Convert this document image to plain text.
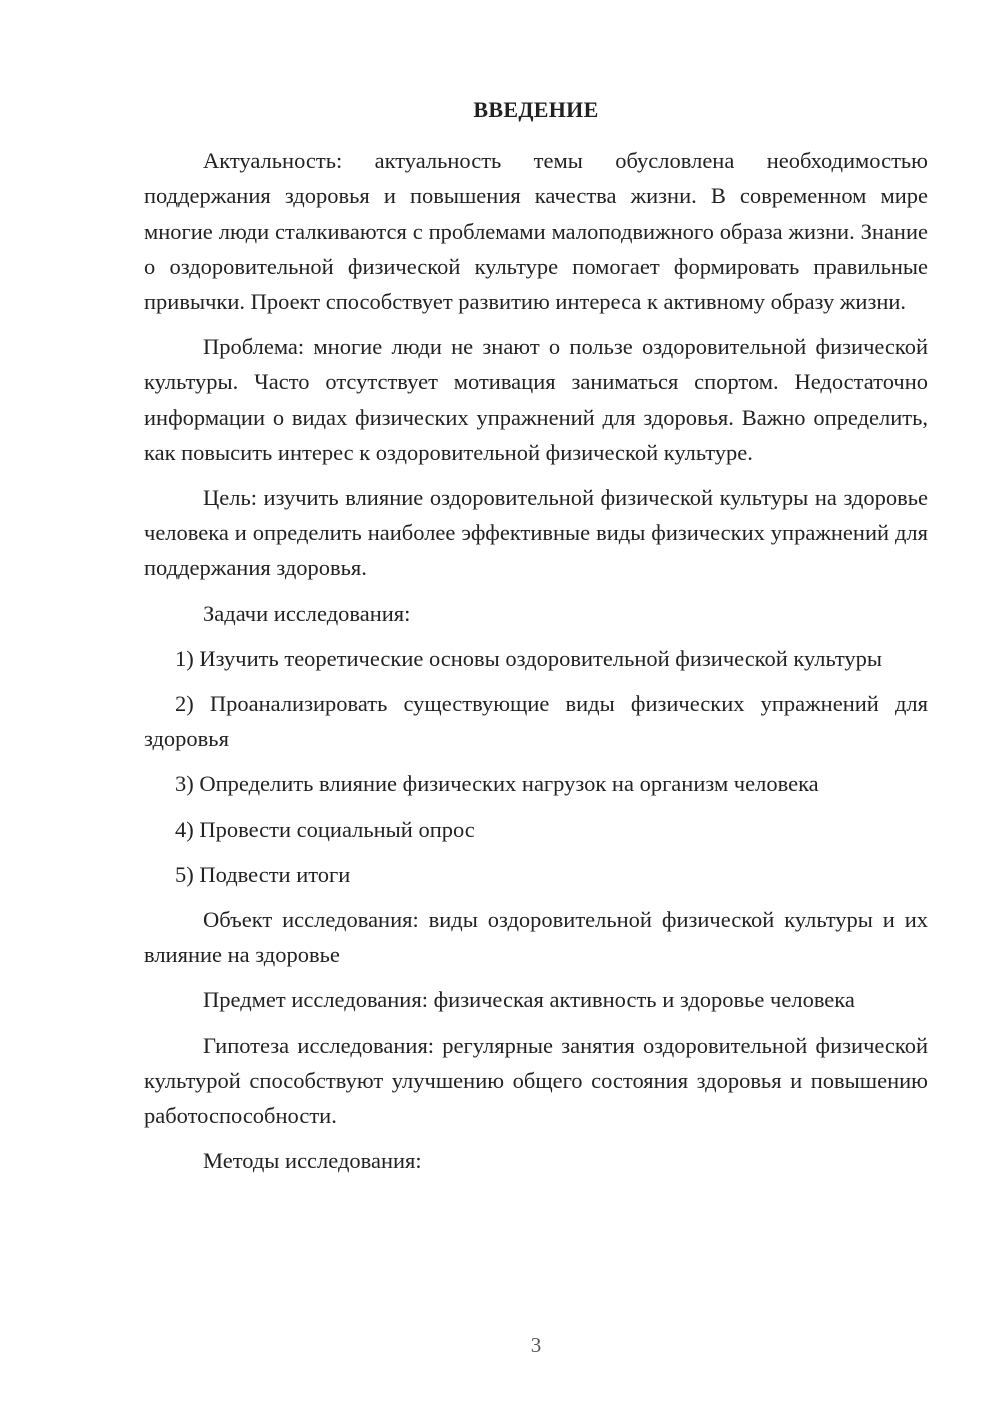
ВВЕДЕНИЕ

Актуальность: актуальность темы обусловлена необходимостью поддержания здоровья и повышения качества жизни. В современном мире многие люди сталкиваются с проблемами малоподвижного образа жизни. Знание о оздоровительной физической культуре помогает формировать правильные привычки. Проект способствует развитию интереса к активному образу жизни.

Проблема: многие люди не знают о пользе оздоровительной физической культуры. Часто отсутствует мотивация заниматься спортом. Недостаточно информации о видах физических упражнений для здоровья. Важно определить, как повысить интерес к оздоровительной физической культуре.

Цель: изучить влияние оздоровительной физической культуры на здоровье человека и определить наиболее эффективные виды физических упражнений для поддержания здоровья.

Задачи исследования:

1) Изучить теоретические основы оздоровительной физической культуры

2) Проанализировать существующие виды физических упражнений для здоровья

3) Определить влияние физических нагрузок на организм человека

4) Провести социальный опрос

5) Подвести итоги

Объект исследования: виды оздоровительной физической культуры и их влияние на здоровье

Предмет исследования: физическая активность и здоровье человека

Гипотеза исследования: регулярные занятия оздоровительной физической культурой способствуют улучшению общего состояния здоровья и повышению работоспособности.

Методы исследования:

3
